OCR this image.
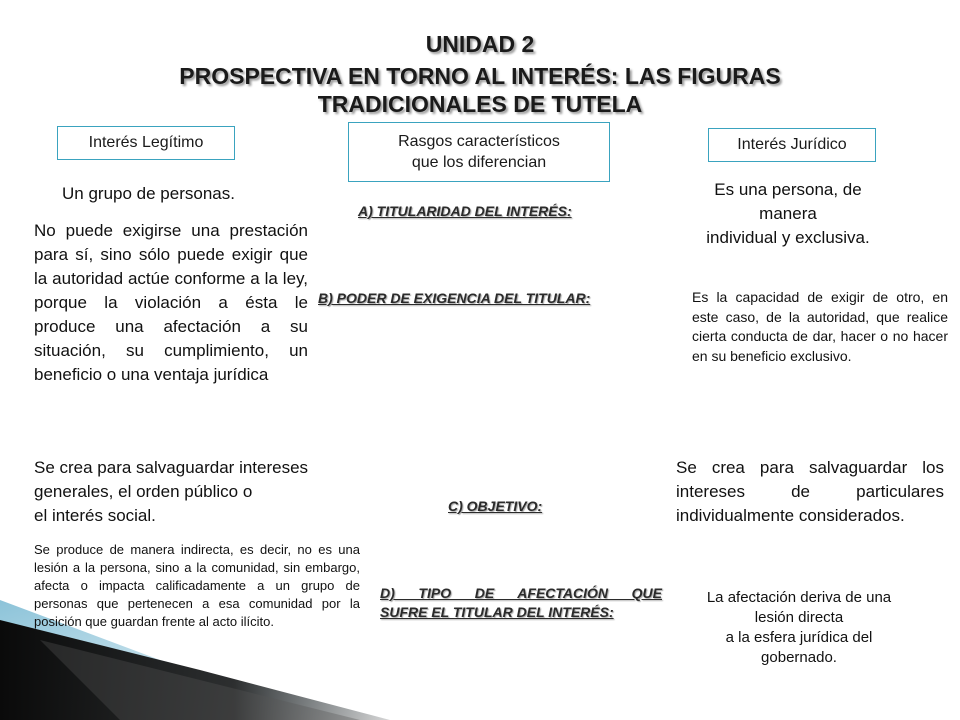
UNIDAD 2
PROSPECTIVA EN TORNO AL INTERÉS: LAS FIGURAS
TRADICIONALES DE TUTELA
Interés Legítimo	Rasgos característicos
que los diferencian
Interés Jurídico
A) TITULARIDAD DEL INTERÉS:
B) PODER DE EXIGENCIA DEL TITULAR:
C) OBJETIVO:
D) TIPO DE AFECTACIÓN QUE
SUFRE EL TITULAR DEL INTERÉS:
Un grupo de personas.
No puede exigirse una prestación para sí, sino sólo puede exigir que la autoridad actúe conforme a la ley, porque la violación a ésta le produce una afectación a su situación, su cumplimiento, un beneficio o una ventaja jurídica
Se crea para salvaguardar intereses
generales, el orden público o
el interés social.
Se produce de manera indirecta, es decir, no es una lesión a la persona, sino a la comunidad, sin embargo, afecta o impacta calificadamente a un grupo de personas que pertenecen a esa comunidad por la posición que guardan frente al acto ilícito.
Es una persona, de
manera
individual y exclusiva.
Es la capacidad de exigir de otro, en este caso, de la autoridad, que realice cierta conducta de dar, hacer o no hacer en su beneficio exclusivo.
Se crea para salvaguardar los intereses de particulares individualmente considerados.
La afectación deriva de una
lesión directa
a la esfera jurídica del
gobernado.
